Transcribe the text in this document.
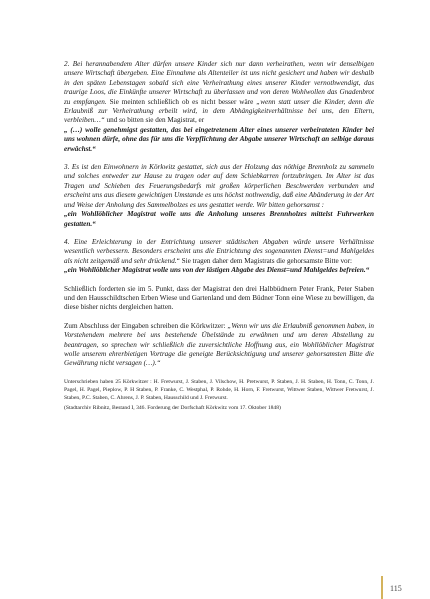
2. Bei herannabendem Alter dürfen unsere Kinder sich nur dann verheirathen, wenn wir denselbigen unsere Wirtschaft übergeben. Eine Einnahme als Altenteiler ist uns nicht gesichert und haben wir deshalb in den späten Lebenstagen sobald sich eine Verheirathung eines unserer Kinder vernothwendigt, das traurige Loos, die Einkünfte unserer Wirtschaft zu überlassen und von deren Wohlwollen das Gnadenbrot zu empfangen. Sie meinten schließlich ob es nicht besser wäre „wenn statt unser die Kinder, denn die Erlaubniß zur Verheirathung erbeilt wird, in dem Abhängigkeitverhältnisse bei uns, den Eltern, verbleiben…“ und so bitten sie den Magistrat, er
„ (…) wolle genehmigst gestatten, das bei eingetretenem Alter eines unserer verbeirateten Kinder bei uns wohnen dürfe, ohne das für uns die Verpflichtung der Abgabe unserer Wirtschaft an selbige daraus erwächst.“

3. Es ist den Einwohnern in Körkwitz gestattet, sich aus der Holzung das nöthige Brennholz zu sammeln und solches entweder zur Hause zu tragen oder auf dem Schiebkarren fortzubringen. Im Alter ist das Tragen und Schieben des Feuerungsbedarfs mit großen körperlichen Beschwerden verbunden und erscheint uns aus diesem gewichtigen Umstande es uns höchst nothwendig, daß eine Abänderung in der Art und Weise der Anholung des Sammelbolzes es uns gestattet werde. Wir bitten gehorsamst :
„ein Wohllöblicher Magistrat wolle uns die Anholung unseres Brennholzes mittelst Fuhrwerken gestatten.“

4. Eine Erleichterung in der Entrichtung unserer städtischen Abgaben würde unsere Verhältnisse wesentlich verbessern. Besonders erscheint uns die Entrichtung des sogenannten Dienst=und Mahlgeldes als nicht zeitgemäß und sehr drückend.“ Sie tragen daher dem Magistrats die gehorsamste Bitte vor:
„ein Wohllöblicher Magistrat wolle uns von der lästigen Abgabe des Dienst=und Mahlgeldes befreien.“

Schließlich forderten sie im 5. Punkt, dass der Magistrat den drei Halbbüdnern Peter Frank, Peter Staben und den Hausschildtschen Erben Wiese und Gartenland und dem Büdner Tonn eine Wiese zu bewilligen, da diese bisher nichts dergleichen hatten.

Zum Abschluss der Eingaben schreiben die Körkwitzer: „Wenn wir uns die Erlaubniß genommen haben, in Vorstehendem mehrere bei uns bestehende Übelstände zu erwähnen und um deren Abstellung zu beantragen, so sprechen wir schließlich die zuversichtliche Hoffnung aus, ein Wohllöblicher Magistrat wolle unserem ehrerbietigen Vortrage die geneigte Berücksichtigung und unserer gehorsamsten Bitte die Gewährung nicht versagen (…).“

Unterschrieben haben 25 Körkwitzer : H. Fretwurst, J. Staben, J. Vilschow, H. Pretwurst, P. Staben, J. H. Staben, H. Tonn, C. Tonn, J. Pagel, H. Pagel, Pieplow, P. H Staben, P. Franke, C. Westphal, P. Rohde, H. Horn, F. Fretwurst, Wittwer Staben, Wittwer Fretwurst, J. Staben, P.C. Staben, C. Ahrens, J. P. Staben, Hausschild und J. Fretwurst.

(Stadtarchiv Ribnitz, Bestand I, 346. Forderung der Dorfschaft Körkwitz vom 17. Oktober 1848)

115
